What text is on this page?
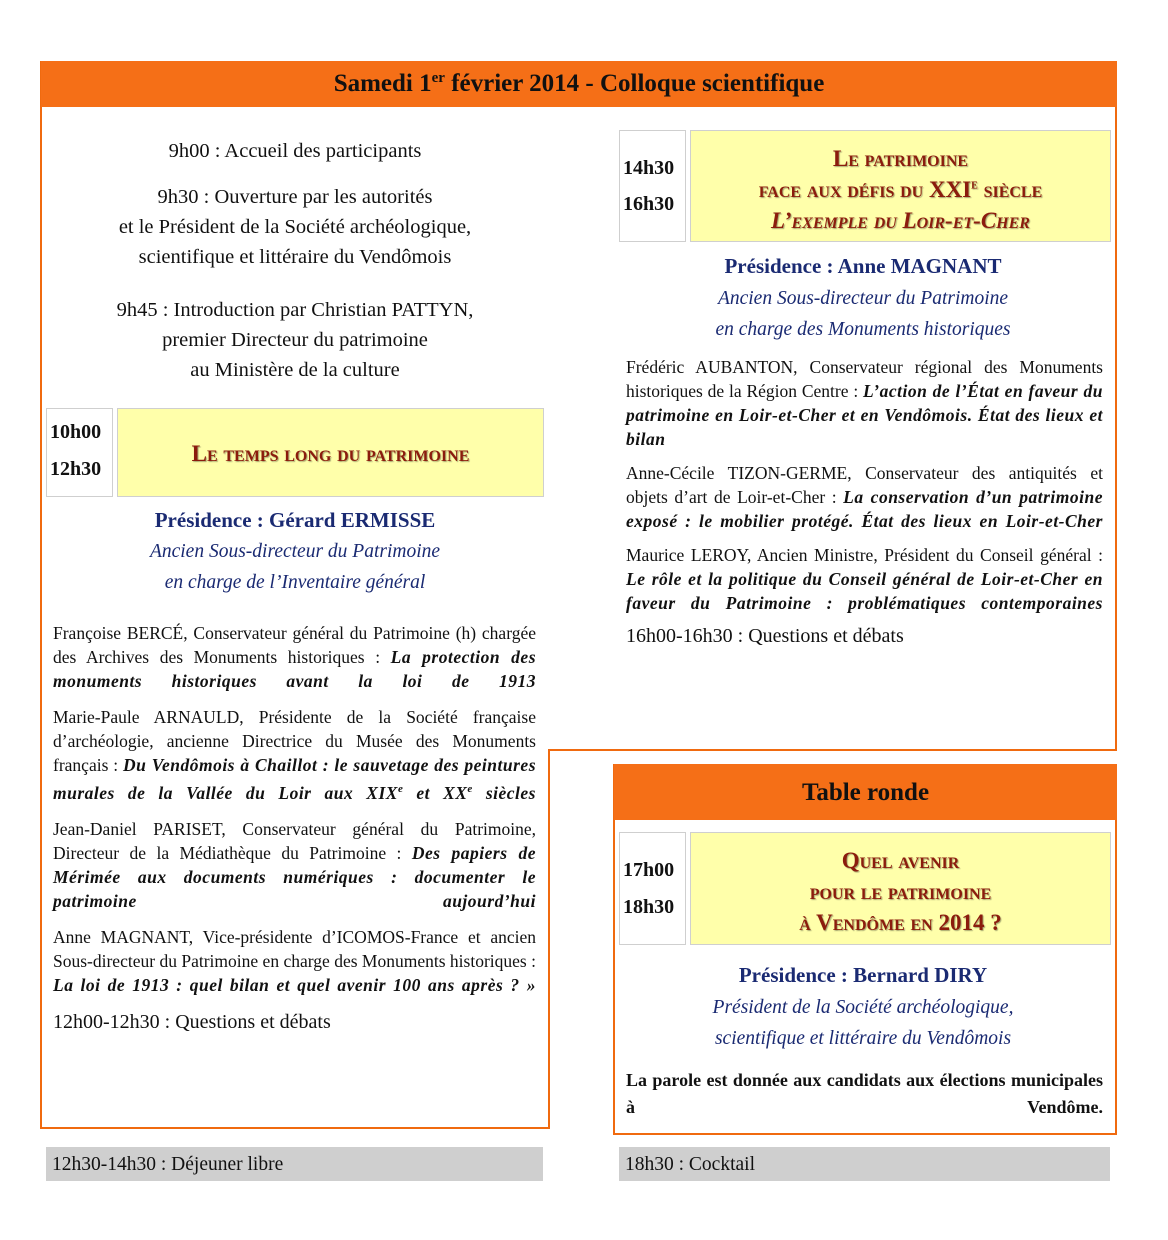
Samedi 1er février 2014 - Colloque scientifique
9h00 : Accueil des participants
9h30 : Ouverture par les autorités
et le Président de la Société archéologique,
scientifique et littéraire du Vendômois
9h45 : Introduction par Christian PATTYN,
premier Directeur du patrimoine
au Ministère de la culture
10h00
12h30
Le temps long du patrimoine
Présidence : Gérard ERMISSE
Ancien Sous-directeur du Patrimoine
en charge de l’Inventaire général
Françoise BERCÉ, Conservateur général du Patrimoine (h) chargée des Archives des Monuments historiques : La protection des monuments historiques avant la loi de 1913
Marie-Paule ARNAULD, Présidente de la Société française d’archéologie, ancienne Directrice du Musée des Monuments français : Du Vendômois à Chaillot : le sauvetage des peintures murales de la Vallée du Loir aux XIXe et XXe siècles
Jean-Daniel PARISET, Conservateur général du Patrimoine, Directeur de la Médiathèque du Patrimoine : Des papiers de Mérimée aux documents numériques : documenter le patrimoine aujourd’hui
Anne MAGNANT, Vice-présidente d’ICOMOS-France et ancien Sous-directeur du Patrimoine en charge des Monuments historiques : La loi de 1913 : quel bilan et quel avenir 100 ans après ? »
12h00-12h30 : Questions et débats
12h30-14h30 : Déjeuner libre
14h30
16h30
Le patrimoine
face aux défis du XXIe siècle
L’exemple du Loir-et-Cher
Présidence : Anne MAGNANT
Ancien Sous-directeur du Patrimoine
en charge des Monuments historiques
Frédéric AUBANTON, Conservateur régional des Monuments historiques de la Région Centre : L’action de l’État en faveur du patrimoine en Loir-et-Cher et en Vendômois. État des lieux et bilan
Anne-Cécile TIZON-GERME, Conservateur des antiquités et objets d’art de Loir-et-Cher : La conservation d’un patrimoine exposé : le mobilier protégé. État des lieux en Loir-et-Cher
Maurice LEROY, Ancien Ministre, Président du Conseil général : Le rôle et la politique du Conseil général de Loir-et-Cher en faveur du Patrimoine : problématiques contemporaines
16h00-16h30 : Questions et débats
Table ronde
17h00
18h30
Quel avenir
pour le patrimoine
à Vendôme en 2014 ?
Présidence : Bernard DIRY
Président de la Société archéologique,
scientifique et littéraire du Vendômois
La parole est donnée aux candidats aux élections municipales à Vendôme.
18h30 : Cocktail
